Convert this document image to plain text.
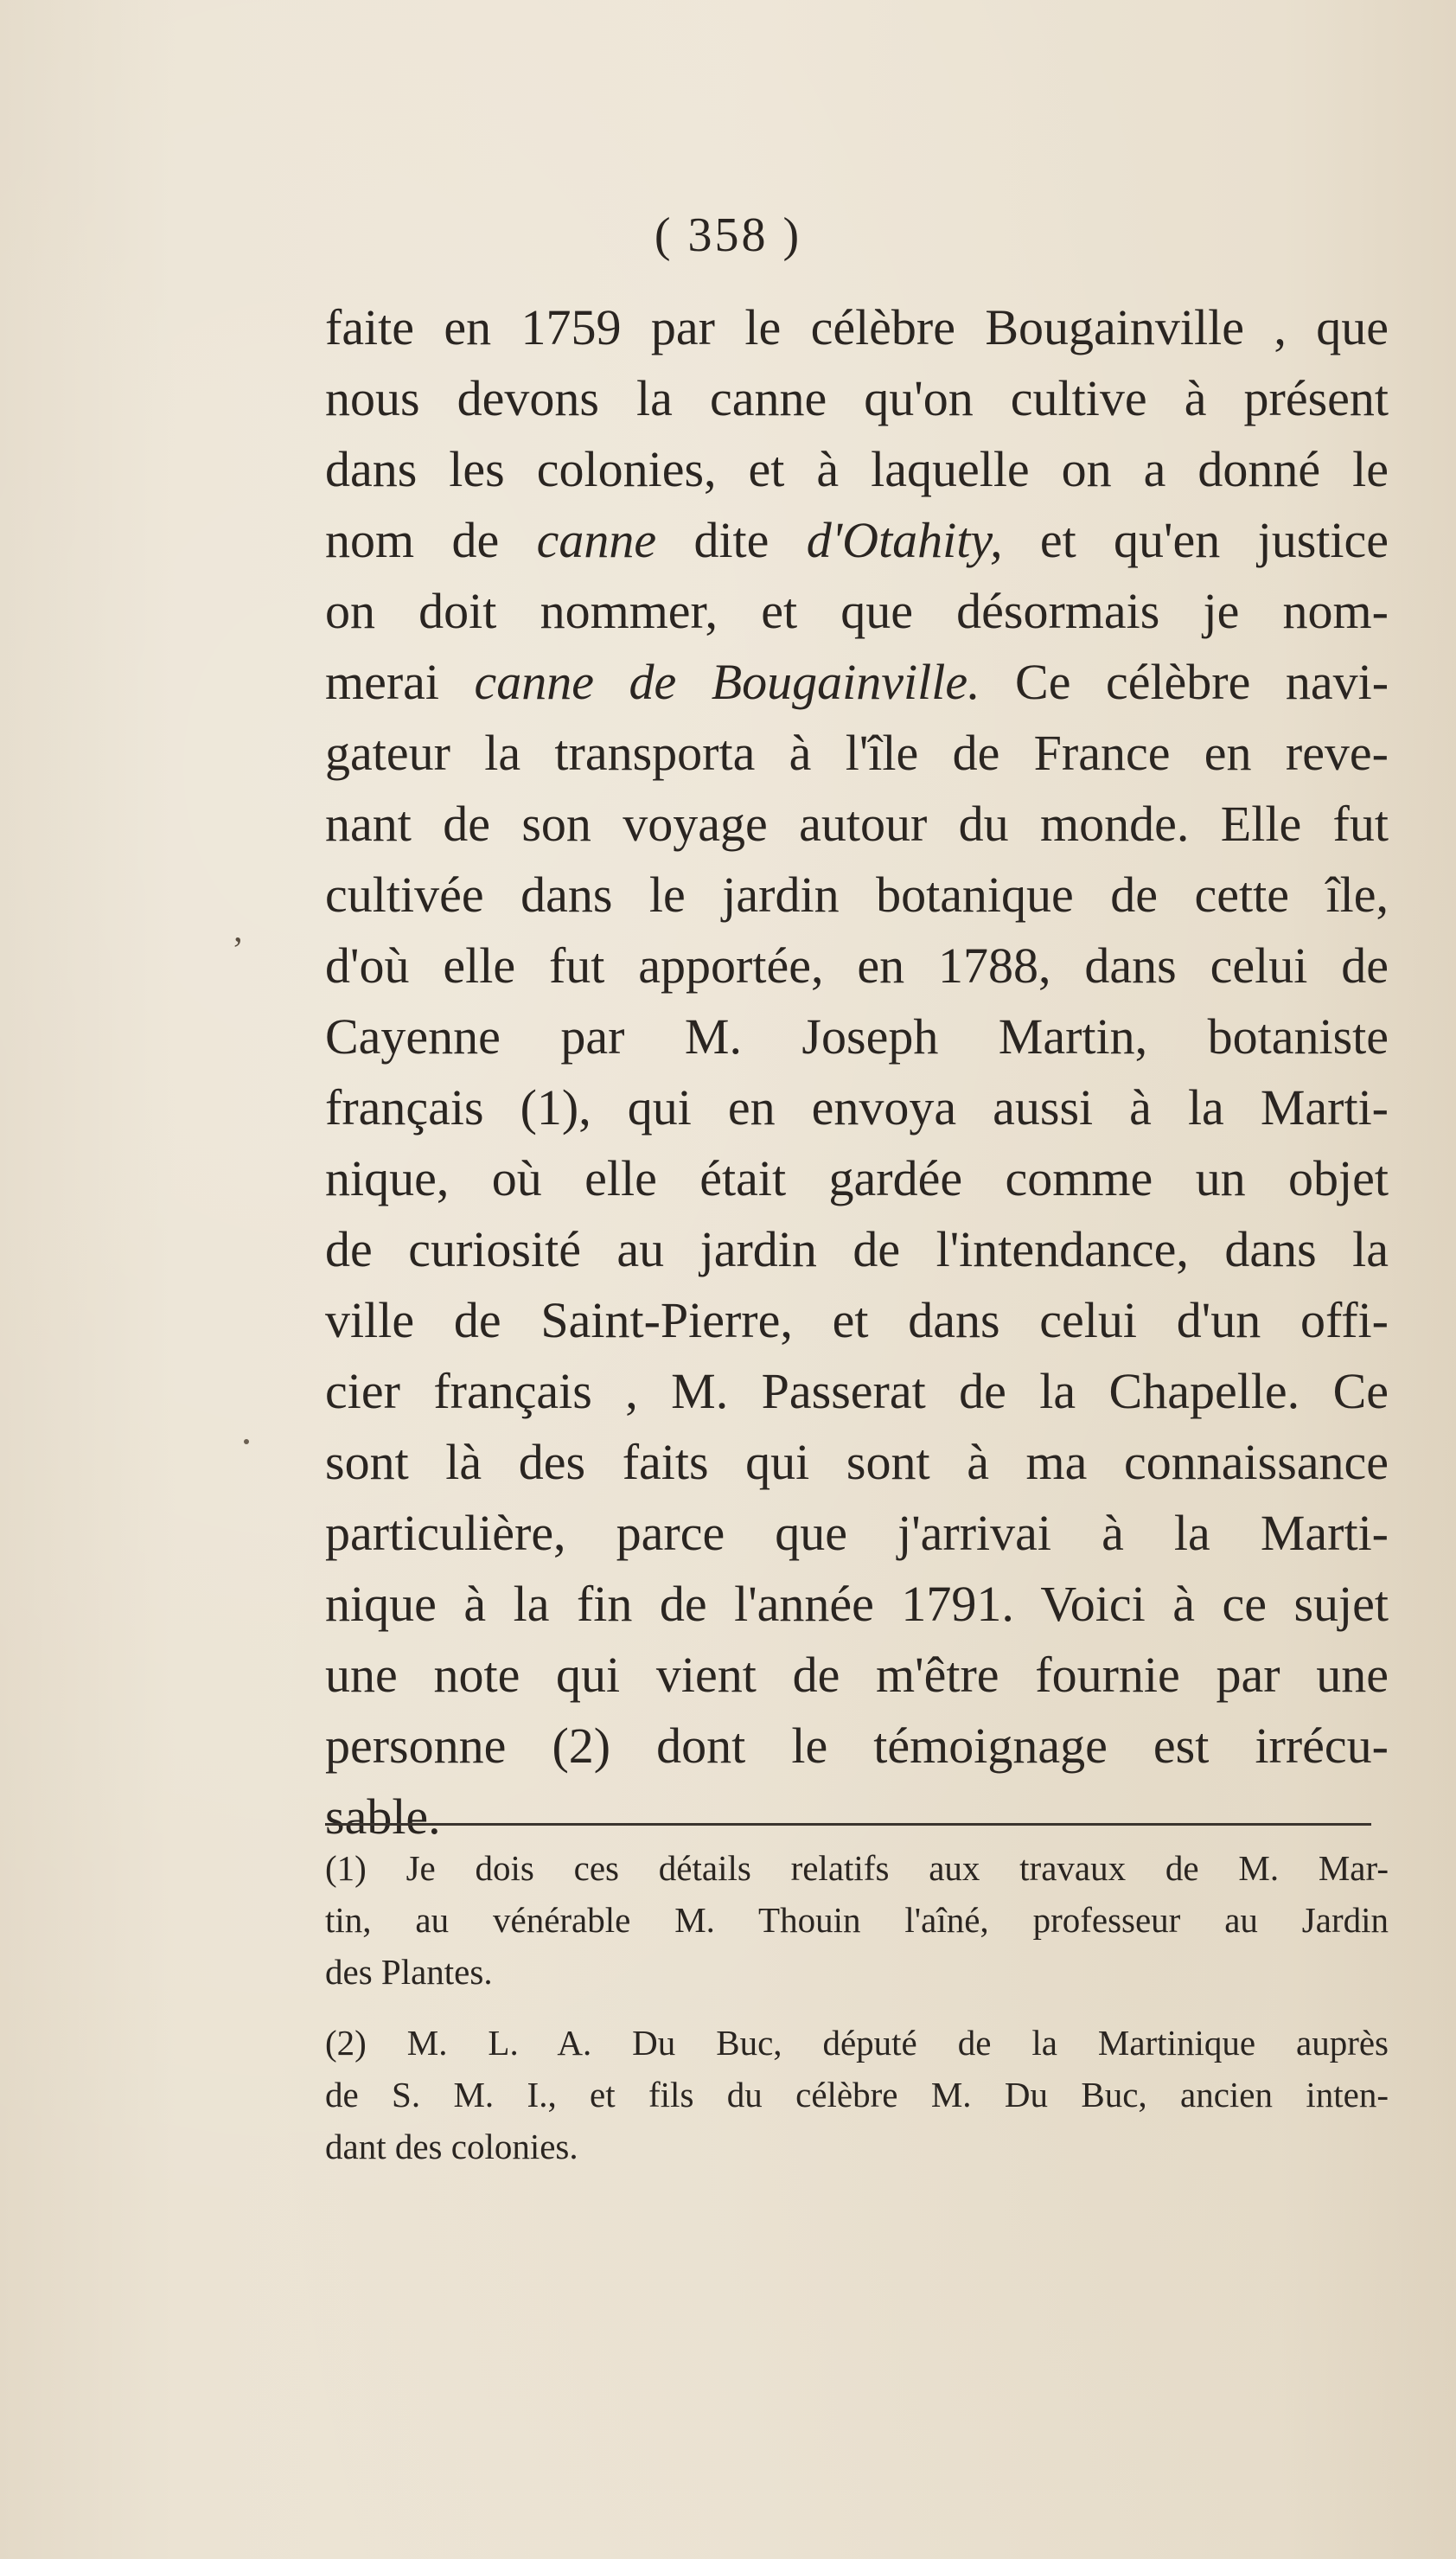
( 358 )
ʼ
faite en 1759 par le célèbre Bougainville , que
nous devons la canne qu'on cultive à présent
dans les colonies, et à laquelle on a donné le
nom de canne dite d'Otahity, et qu'en justice
on doit nommer, et que désormais je nom-
merai canne de Bougainville. Ce célèbre navi-
gateur la transporta à l'île de France en reve-
nant de son voyage autour du monde. Elle fut
cultivée dans le jardin botanique de cette île,
d'où elle fut apportée, en 1788, dans celui de
Cayenne par M. Joseph Martin, botaniste
français (1), qui en envoya aussi à la Marti-
nique, où elle était gardée comme un objet
de curiosité au jardin de l'intendance, dans la
ville de Saint-Pierre, et dans celui d'un offi-
cier français , M. Passerat de la Chapelle. Ce
sont là des faits qui sont à ma connaissance
particulière, parce que j'arrivai à la Marti-
nique à la fin de l'année 1791. Voici à ce sujet
une note qui vient de m'être fournie par une
personne (2) dont le témoignage est irrécu-
sable.
(1) Je dois ces détails relatifs aux travaux de M. Mar-
tin, au vénérable M. Thouin l'aîné, professeur au Jardin
des Plantes.
(2) M. L. A. Du Buc, député de la Martinique auprès
de S. M. I., et fils du célèbre M. Du Buc, ancien inten-
dant des colonies.
